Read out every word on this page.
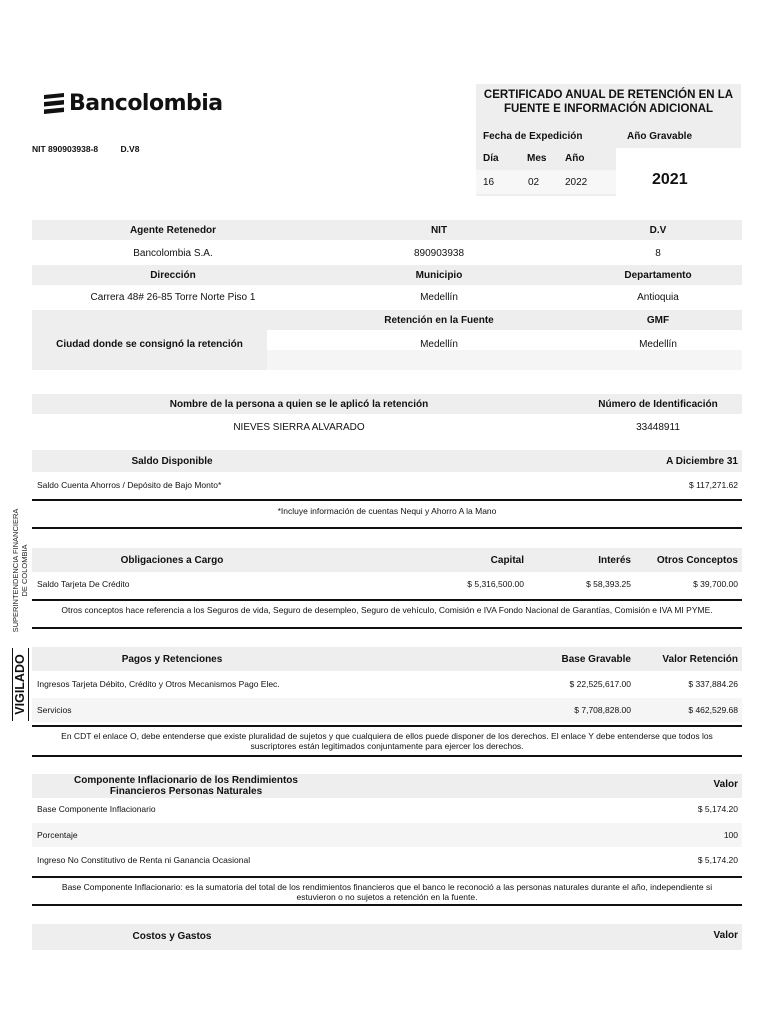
Bancolombia
NIT 890903938-8	D.V8
CERTIFICADO ANUAL DE RETENCIÓN EN LA
FUENTE E INFORMACIÓN ADICIONAL
Fecha de Expedición	Año Gravable
Día	Mes Año
16	02	2022	2021
SUPERINTENDENCIA FINANCIERA DE COLOMBIA
VIGILADO
Agente Retenedor	NIT	D.V
Bancolombia S.A.	890903938	8
Dirección	Municipio	Departamento
Carrera 48# 26-85 Torre Norte Piso 1	Medellín	Antioquia
Retención en la Fuente	GMF
Ciudad donde se consignó la retención	Medellín	Medellín
Nombre de la persona a quien se le aplicó la retención	Número de Identificación
NIEVES SIERRA ALVARADO	33448911
Saldo Disponible	A Diciembre 31
Saldo Cuenta Ahorros / Depósito de Bajo Monto*	$ 117,271.62
*Incluye información de cuentas Nequi y Ahorro A la Mano
Obligaciones a Cargo	Capital	Interés	Otros Conceptos
Saldo Tarjeta De Crédito	$ 5,316,500.00	$ 58,393.25	$ 39,700.00
Otros conceptos hace referencia a los Seguros de vida, Seguro de desempleo, Seguro de vehículo, Comisión e IVA Fondo Nacional de Garantías, Comisión e IVA MI PYME.
Pagos y Retenciones	Base Gravable	Valor Retención
Ingresos Tarjeta Débito, Crédito y Otros Mecanismos Pago Elec.	$ 22,525,617.00	$ 337,884.26
Servicios	$ 7,708,828.00	$ 462,529.68
En CDT el enlace O, debe entenderse que existe pluralidad de sujetos y que cualquiera de ellos puede disponer de los derechos. El enlace Y debe entenderse que todos los
suscriptores están legitimados conjuntamente para ejercer los derechos.
Componente Inflacionario de los Rendimientos
Financieros Personas Naturales
Valor
Base Componente Inflacionario	$ 5,174.20
Porcentaje	100
Ingreso No Constitutivo de Renta ni Ganancia Ocasional	$ 5,174.20
Base Componente Inflacionario: es la sumatoria del total de los rendimientos financieros que el banco le reconoció a las personas naturales durante el año, independiente si
estuvieron o no sujetos a retención en la fuente.
Costos y Gastos	Valor
